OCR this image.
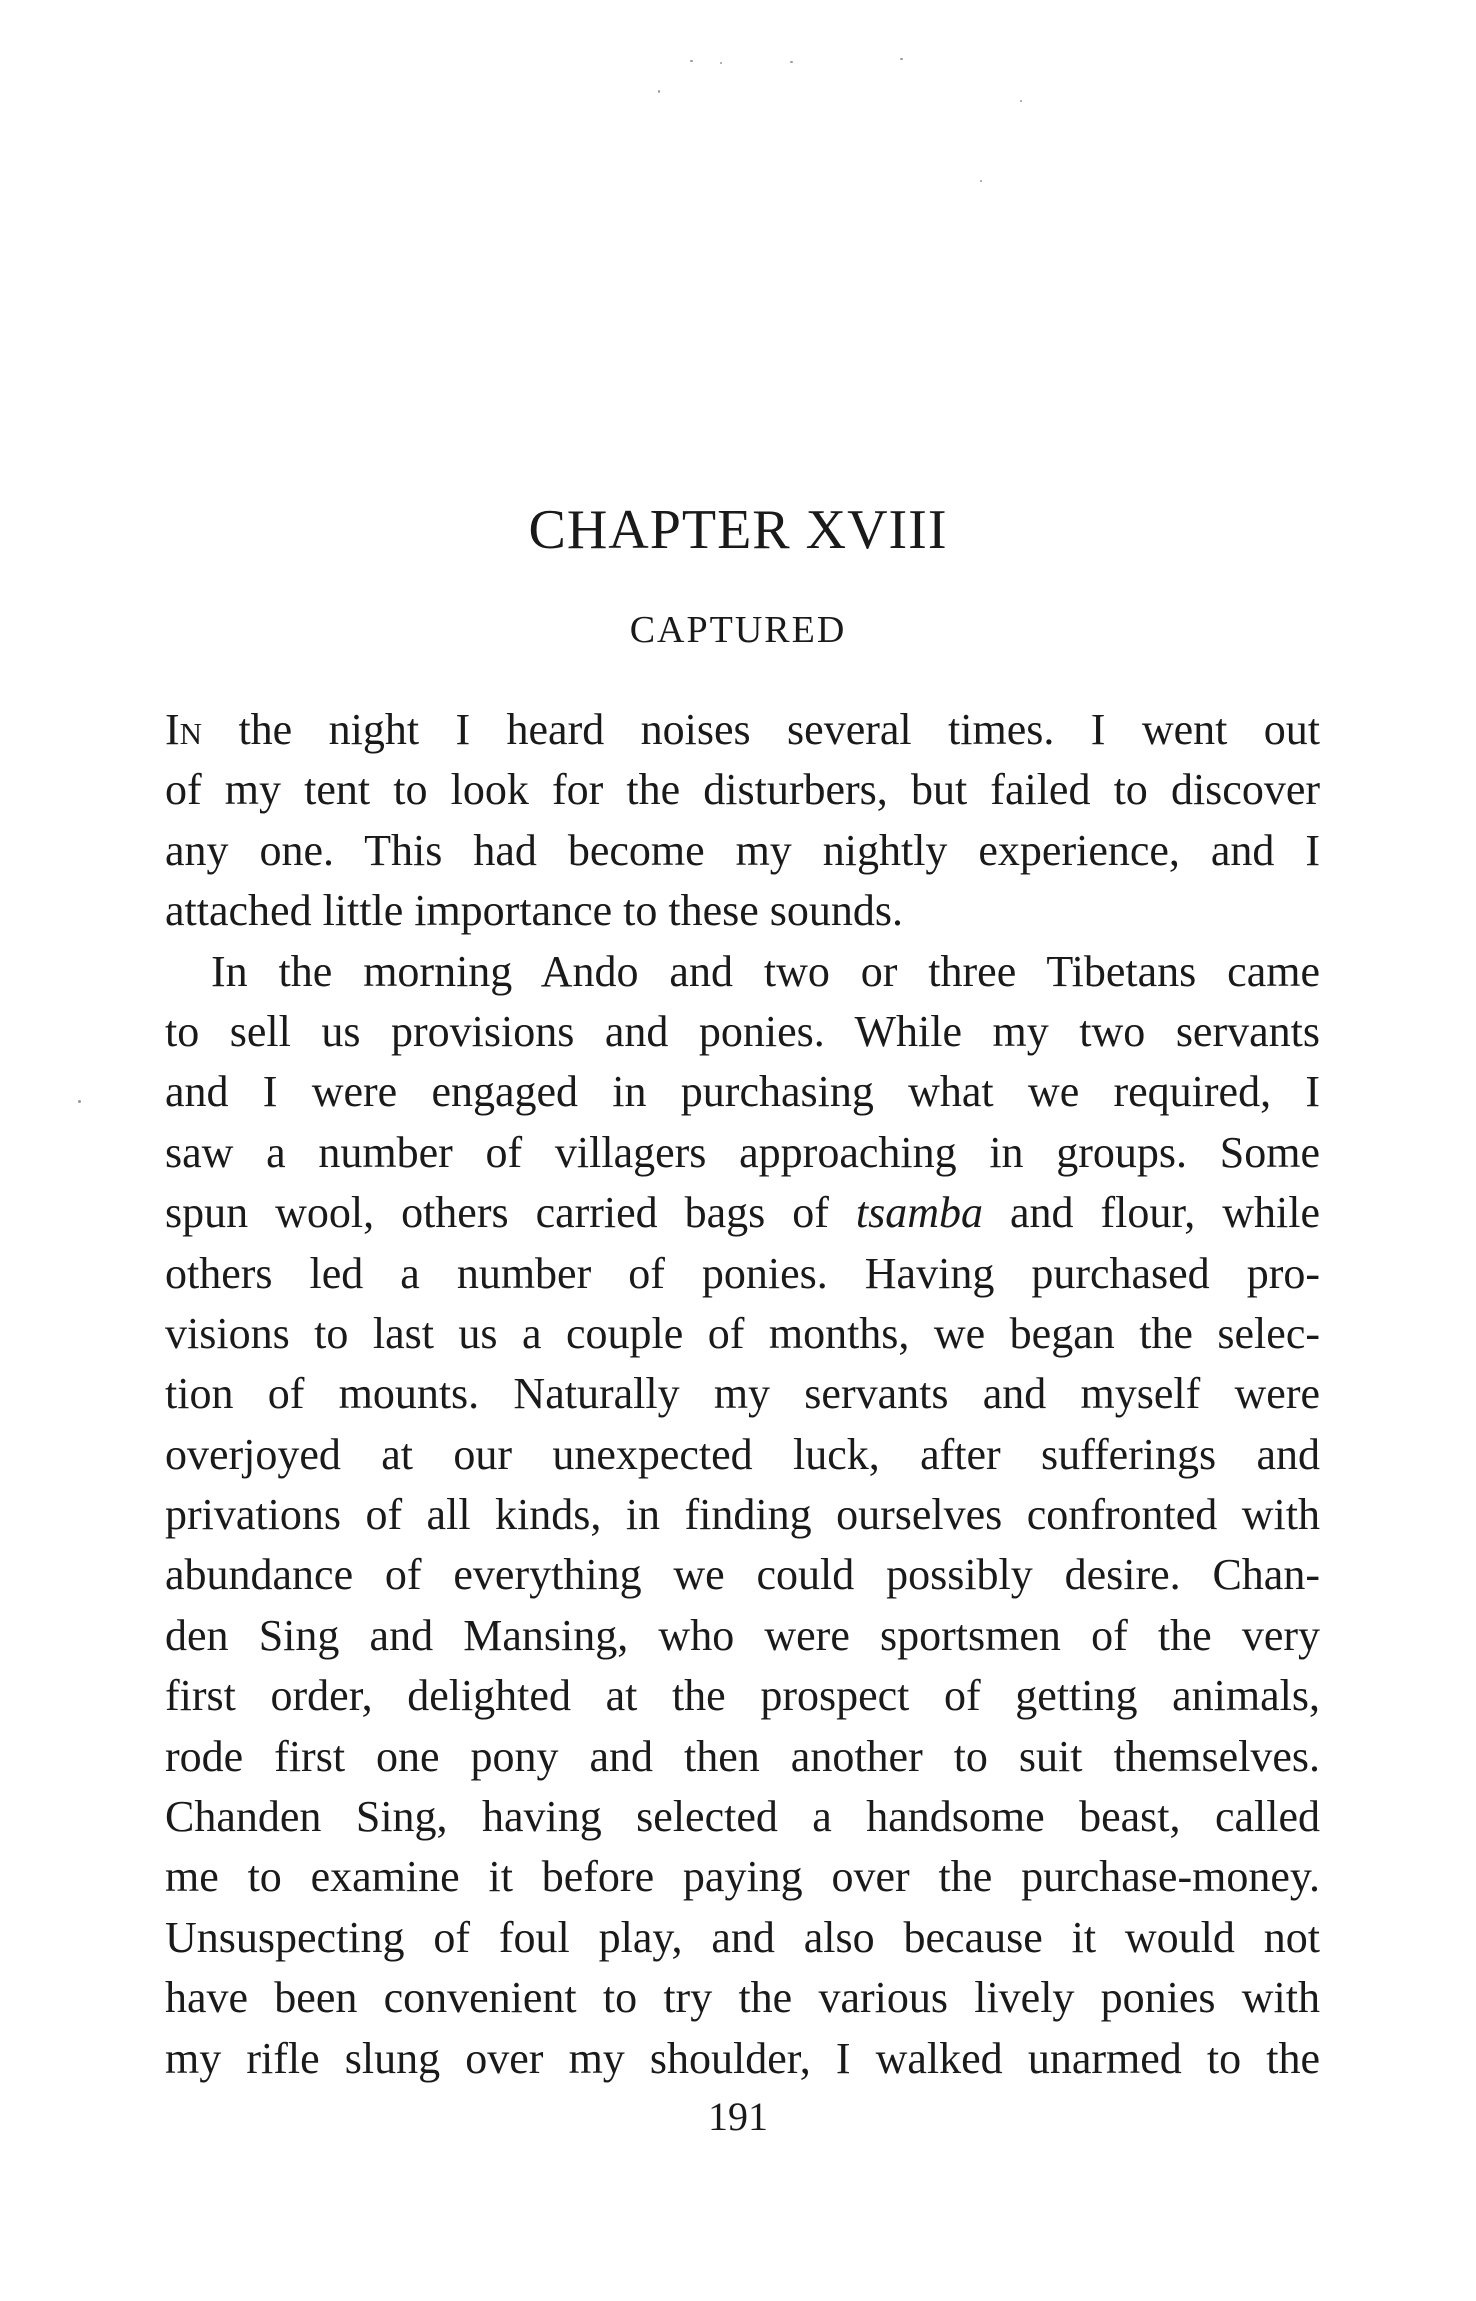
CHAPTER XVIII
CAPTURED
In the night I heard noises several times. I went out
of my tent to look for the disturbers, but failed to discover
any one. This had become my nightly experience, and I
attached little importance to these sounds.
In the morning Ando and two or three Tibetans came
to sell us provisions and ponies. While my two servants
and I were engaged in purchasing what we required, I
saw a number of villagers approaching in groups. Some
spun wool, others carried bags of tsamba and flour, while
others led a number of ponies. Having purchased pro-
visions to last us a couple of months, we began the selec-
tion of mounts. Naturally my servants and myself were
overjoyed at our unexpected luck, after sufferings and
privations of all kinds, in finding ourselves confronted with
abundance of everything we could possibly desire. Chan-
den Sing and Mansing, who were sportsmen of the very
first order, delighted at the prospect of getting animals,
rode first one pony and then another to suit themselves.
Chanden Sing, having selected a handsome beast, called
me to examine it before paying over the purchase-money.
Unsuspecting of foul play, and also because it would not
have been convenient to try the various lively ponies with
my rifle slung over my shoulder, I walked unarmed to the
191
